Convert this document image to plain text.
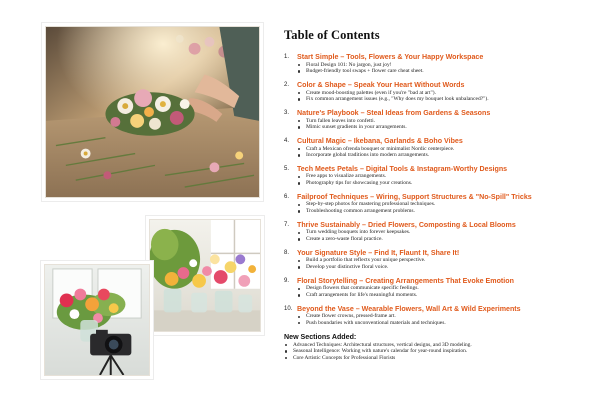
Table of Contents
1. Start Simple – Tools, Flowers & Your Happy Workspace
Floral Design 101: No jargon, just joy!
Budget-friendly tool swaps + flower care cheat sheet.
2. Color & Shape – Speak Your Heart Without Words
Create mood-boosting palettes (even if you're "bad at art").
Fix common arrangement issues (e.g., "Why does my bouquet look unbalanced?").
3. Nature's Playbook – Steal Ideas from Gardens & Seasons
Turn fallen leaves into confetti.
Mimic sunset gradients in your arrangements.
4. Cultural Magic – Ikebana, Garlands & Boho Vibes
Craft a Mexican ofrenda bouquet or minimalist Nordic centerpiece.
Incorporate global traditions into modern arrangements.
5. Tech Meets Petals – Digital Tools & Instagram-Worthy Designs
Free apps to visualize arrangements.
Photography tips for showcasing your creations.
6. Failproof Techniques – Wiring, Support Structures & "No-Spill" Tricks
Step-by-step photos for mastering professional techniques.
Troubleshooting common arrangement problems.
7. Thrive Sustainably – Dried Flowers, Composting & Local Blooms
Turn wedding bouquets into forever keepsakes.
Create a zero-waste floral practice.
8. Your Signature Style – Find It, Flaunt It, Share It!
Build a portfolio that reflects your unique perspective.
Develop your distinctive floral voice.
9. Floral Storytelling – Creating Arrangements That Evoke Emotion
Design flowers that communicate specific feelings.
Craft arrangements for life's meaningful moments.
10. Beyond the Vase – Wearable Flowers, Wall Art & Wild Experiments
Create flower crowns, pressed-frame art.
Push boundaries with unconventional materials and techniques.
New Sections Added:
Advanced Techniques: Architectural structures, vertical designs, and 3D modeling.
Seasonal Intelligence: Working with nature's calendar for year-round inspiration.
Core Artistic Concepts for Professional Florists
